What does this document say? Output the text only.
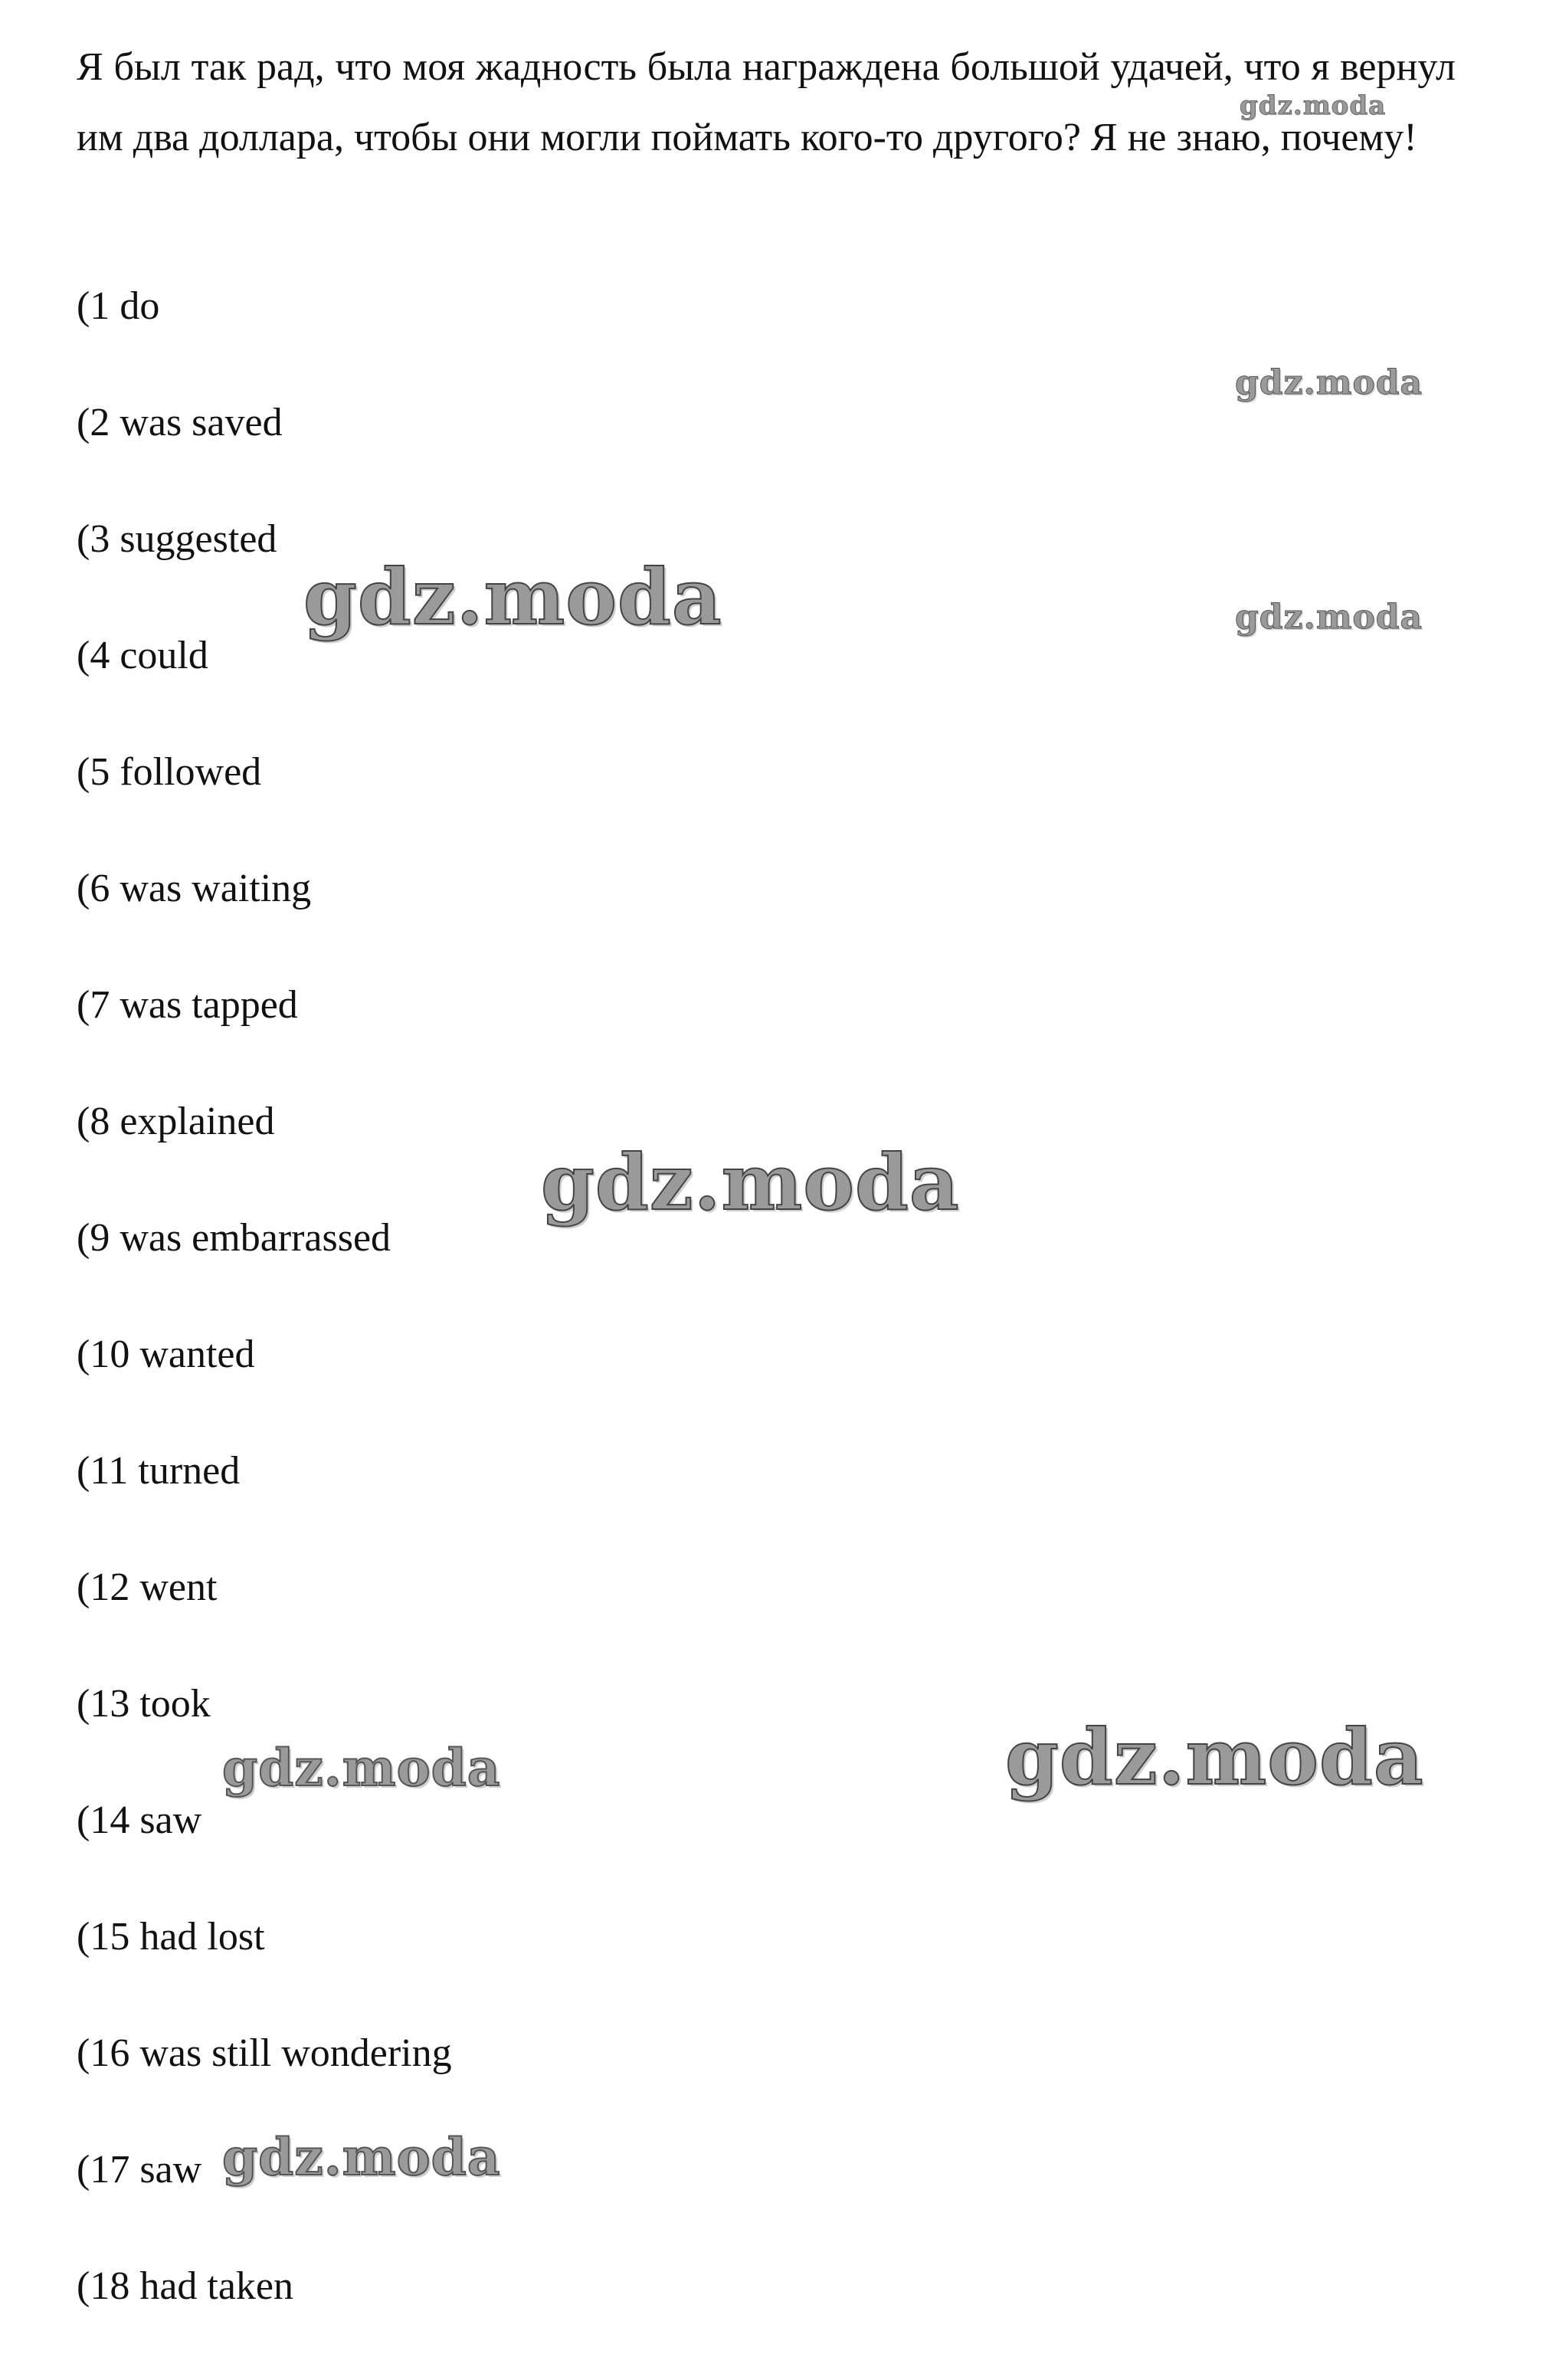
Я был так рад, что моя жадность была награждена большой удачей, что я вернул им два доллара, чтобы они могли поймать кого-то другого? Я не знаю, почему!

(1 do
(2 was saved
(3 suggested
(4 could
(5 followed
(6 was waiting
(7 was tapped
(8 explained
(9 was embarrassed
(10 wanted
(11 turned
(12 went
(13 took
(14 saw
(15 had lost
(16 was still wondering
(17 saw
(18 had taken
gdz.moda
gdz.moda
gdz.moda	gdz.moda
gdz.moda
gdz.moda	gdz.moda
gdz.moda
